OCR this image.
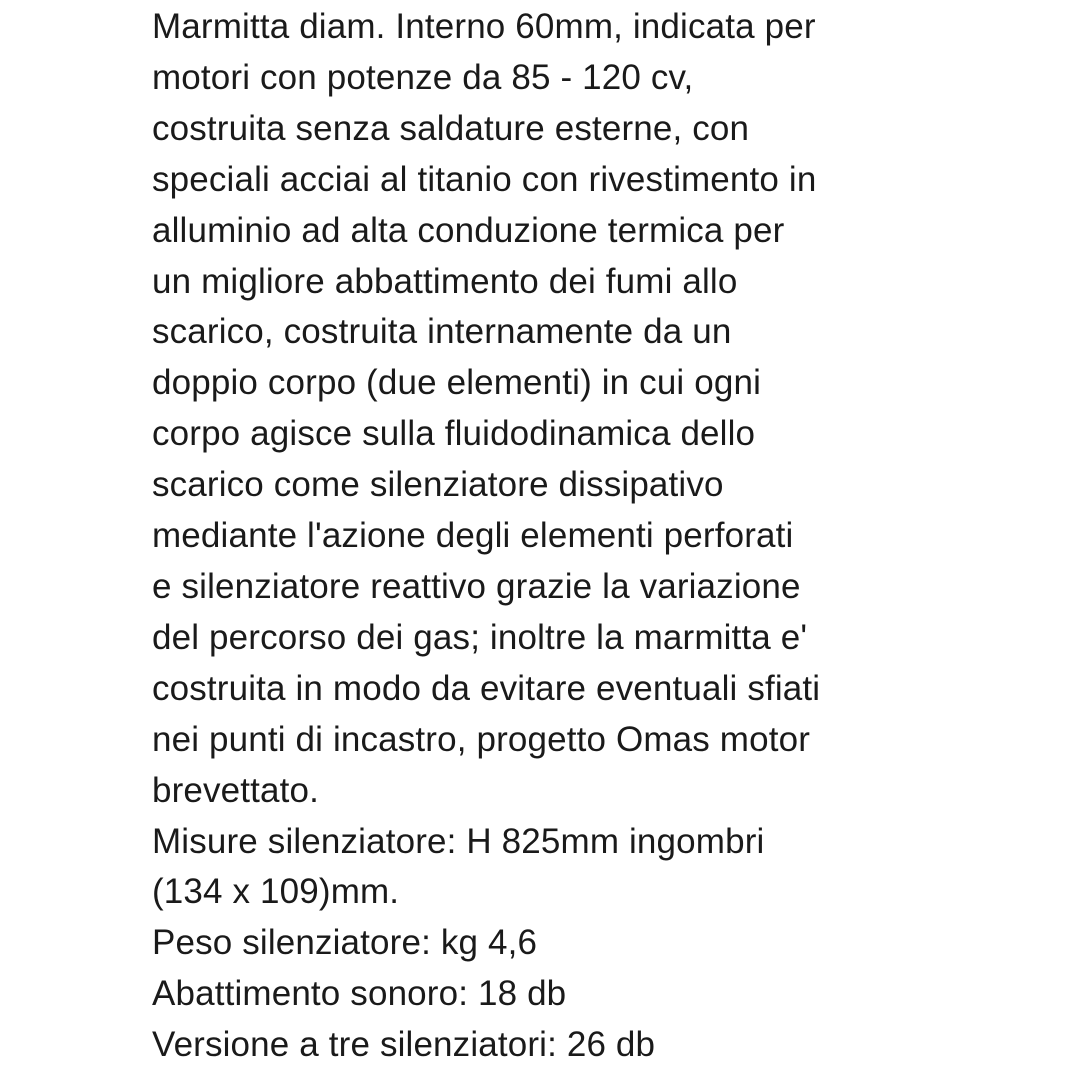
Marmitta diam. Interno 60mm, indicata per
motori con potenze da 85 - 120 cv,
costruita senza saldature esterne, con
speciali acciai al titanio con rivestimento in
alluminio ad alta conduzione termica per
un migliore abbattimento dei fumi allo
scarico, costruita internamente da un
doppio corpo (due elementi) in cui ogni
corpo agisce sulla fluidodinamica dello
scarico come silenziatore dissipativo
mediante l'azione degli elementi perforati
e silenziatore reattivo grazie la variazione
del percorso dei gas; inoltre la marmitta e'
costruita in modo da evitare eventuali sfiati
nei punti di incastro, progetto Omas motor
brevettato.
Misure silenziatore: H 825mm ingombri
(134 x 109)mm.
Peso silenziatore: kg 4,6
Abattimento sonoro: 18 db
Versione a tre silenziatori: 26 db
